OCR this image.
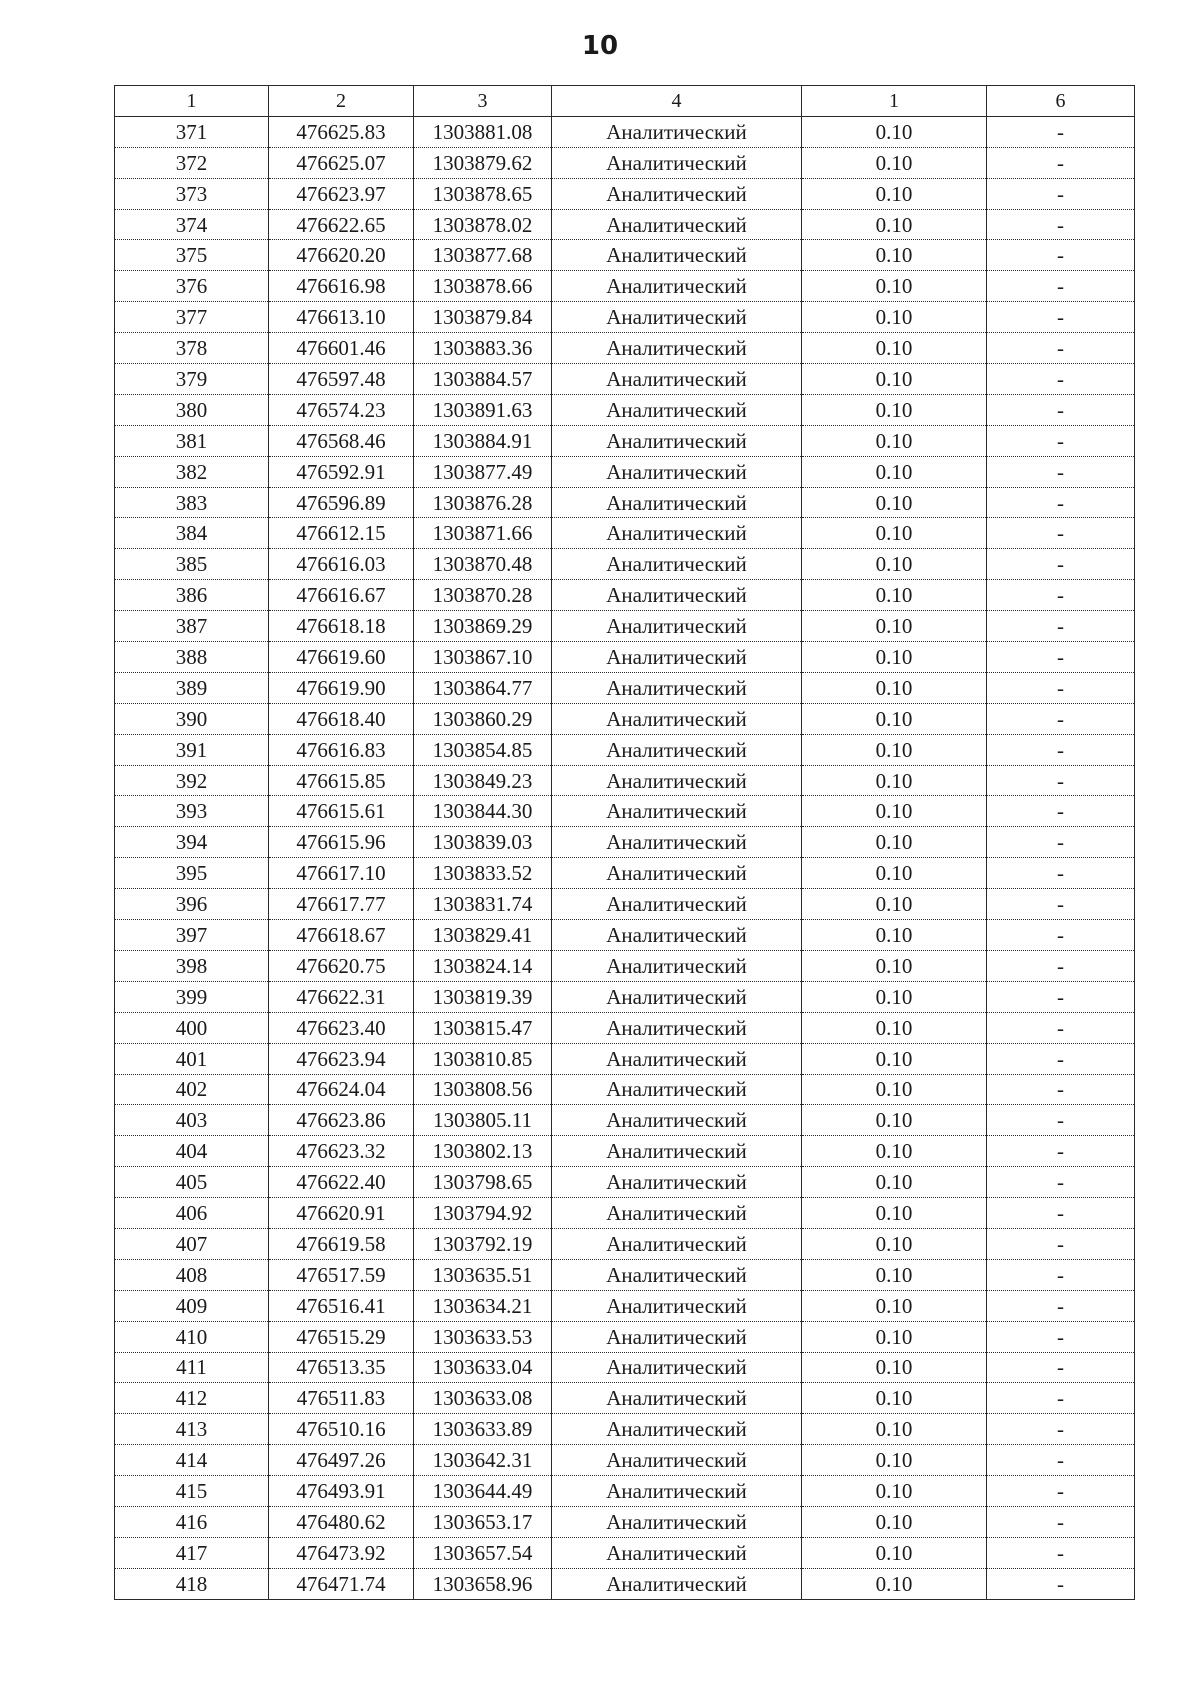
10
1	2	3	4	1	6
371	476625.83	1303881.08	Аналитический	0.10	-
372	476625.07	1303879.62	Аналитический	0.10	-
373	476623.97	1303878.65	Аналитический	0.10	-
374	476622.65	1303878.02	Аналитический	0.10	-
375	476620.20	1303877.68	Аналитический	0.10	-
376	476616.98	1303878.66	Аналитический	0.10	-
377	476613.10	1303879.84	Аналитический	0.10	-
378	476601.46	1303883.36	Аналитический	0.10	-
379	476597.48	1303884.57	Аналитический	0.10	-
380	476574.23	1303891.63	Аналитический	0.10	-
381	476568.46	1303884.91	Аналитический	0.10	-
382	476592.91	1303877.49	Аналитический	0.10	-
383	476596.89	1303876.28	Аналитический	0.10	-
384	476612.15	1303871.66	Аналитический	0.10	-
385	476616.03	1303870.48	Аналитический	0.10	-
386	476616.67	1303870.28	Аналитический	0.10	-
387	476618.18	1303869.29	Аналитический	0.10	-
388	476619.60	1303867.10	Аналитический	0.10	-
389	476619.90	1303864.77	Аналитический	0.10	-
390	476618.40	1303860.29	Аналитический	0.10	-
391	476616.83	1303854.85	Аналитический	0.10	-
392	476615.85	1303849.23	Аналитический	0.10	-
393	476615.61	1303844.30	Аналитический	0.10	-
394	476615.96	1303839.03	Аналитический	0.10	-
395	476617.10	1303833.52	Аналитический	0.10	-
396	476617.77	1303831.74	Аналитический	0.10	-
397	476618.67	1303829.41	Аналитический	0.10	-
398	476620.75	1303824.14	Аналитический	0.10	-
399	476622.31	1303819.39	Аналитический	0.10	-
400	476623.40	1303815.47	Аналитический	0.10	-
401	476623.94	1303810.85	Аналитический	0.10	-
402	476624.04	1303808.56	Аналитический	0.10	-
403	476623.86	1303805.11	Аналитический	0.10	-
404	476623.32	1303802.13	Аналитический	0.10	-
405	476622.40	1303798.65	Аналитический	0.10	-
406	476620.91	1303794.92	Аналитический	0.10	-
407	476619.58	1303792.19	Аналитический	0.10	-
408	476517.59	1303635.51	Аналитический	0.10	-
409	476516.41	1303634.21	Аналитический	0.10	-
410	476515.29	1303633.53	Аналитический	0.10	-
411	476513.35	1303633.04	Аналитический	0.10	-
412	476511.83	1303633.08	Аналитический	0.10	-
413	476510.16	1303633.89	Аналитический	0.10	-
414	476497.26	1303642.31	Аналитический	0.10	-
415	476493.91	1303644.49	Аналитический	0.10	-
416	476480.62	1303653.17	Аналитический	0.10	-
417	476473.92	1303657.54	Аналитический	0.10	-
418	476471.74	1303658.96	Аналитический	0.10	-
